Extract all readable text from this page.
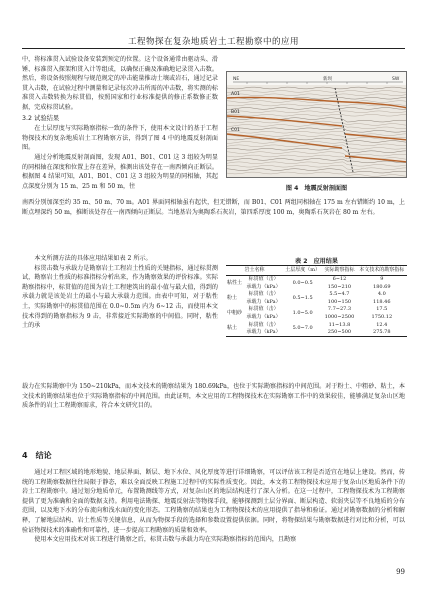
工程物探在复杂地质岩土工程勘察中的应用

中，将标准贯入试验设备安装到预定的位置。这个设备通常由驱动头、滑锤、标准贯入探架和贯入计等组成，以确保正确及准确地记录贯入击数。然后，将设备按照规程与规范规定的冲击能量推动土壤或岩石，通过记录贯入击数，在试验过程中测量和记录每次冲击所需的冲击数，将实测的标准贯入击数转换为标贯值，按照国家和行业标准提供的修正系数修正数据，完成标贯试验。

3.2 试验结果

在土层厚度与实际勘察指标一致的条件下，使用本文设计的基于工程物探技术的复杂地质岩土工程勘察方法，得到了图 4 中的地震反射剖面图。

通过分析地震反射剖面图，发现 A01、B01、C01 这 3 组较为明显的同相轴在深度和位置上存在差异，推测出该处存在一南西倾向正断层。根据图 4 结果可知，A01、B01、C01 这 3 组较为明显的同相轴，其起点深度分别为 15 m、25 m 和 50 m，往

NE	SW
新坝
A01
B01
C01
图 4　地震反射剖面图

南西分别加深至约 35 m、50 m、70 m。A01 界面同相轴虽有起伏，但无错断，而 B01、C01 两组同相轴在 175 m 左右错断约 10 m，上断点埋深约 50 m，推断该处存在一南西倾向正断层。当地基岩为奥陶系石灰岩，第四系厚度 100 m，奥陶系石灰岩在 80 m 左右。

本文所测方法的具体应用结果如表 2 所示。

标贯击数与承载力是勘察岩土工程岩土性质的关键指标，通过标贯测试，勘察岩土性质的标准指标分析出来，作为勘察效果的评价标准。实际勘察指标中，标贯值的范围为岩土工程建筑出的最小值与最大值，得到的承载力就是该处岩土的最小与最大承载力范围。由表中可知，对于粘性土，实际勘察中的标贯值范围在 0.0~0.5m 内为 6~12 击，而使用本文技术得到的勘察指标为 9 击，非常接近实际勘察的中间值。同时，粘性土的承

表 2　应用结果
岩土名称		土层厚度（m）	实际勘察指标	本文技术的勘察指标
粘性土	标贯值（击）	0.0~0.5	6~12	9
	承载力（kPa）		150~210	180.69
粉土	标贯值（击）	0.5~1.5	5.5~4.7	4.0
	承载力（kPa）		100~150	118.46
中粗砂	标贯值（击）	1.0~5.0	7.7~27.3	17.5
	承载力（kPa）		1000~2500	1750.12
粘土	标贯值（击）	5.0~7.0	11~13.8	12.4
	承载力（kPa）		250~500	275.78

载力在实际勘察中为 150~210kPa，而本文技术的勘察结果为 180.69kPa，也位于实际勘察指标的中间范围。对于粉土、中粗砂、粘土，本文技术的勘察结果也位于实际勘察指标的中间范围。由此证明，本文应用的工程物探技术在实际勘察工作中的效果较佳，能够满足复杂山区地质条件的岩土工程勘察需求，符合本文研究目的。

4　结论

通过对工程区域的地形地貌、地层界面、断层、地下水位、风化厚度等进行详细勘察，可以评估该工程是否适宜在地层上建设。然而，传统的工程勘察数据往往局限于静态，难以全面反映工程施工过程中的实际性质变化。因此，本文将工程物探技术应用于复杂山区地质条件下的岩土工程勘察中。通过划分地质单元，布置勘测线等方式，对复杂山区的地层结构进行了深入分析。在这一过程中，工程物探技术为工程勘察提供了更为准确和全面的数据支持。利用电法勘探、地震反射法等物探手段，能够探测到土层分界面、断层构造、软弱夹层等不良地质的分布范围，以及地下水的分布流向和浅水面的变化形态。工程勘察的结果也为工程物探技术的应用提供了指导和验证。通过对勘察数据的分析和解释，了解地层结构、岩土性质等关键信息，从而为物探手段的选择和参数设置提供依据。同时，将物探结果与勘察数据进行对比和分析，可以验证物探技术的准确性和可靠性，进一步提高工程勘察的质量和效率。

使用本文应用技术对该工程进行勘察之后，标贯击数与承载力均在实际勘察指标的范围内，且勘察

99
